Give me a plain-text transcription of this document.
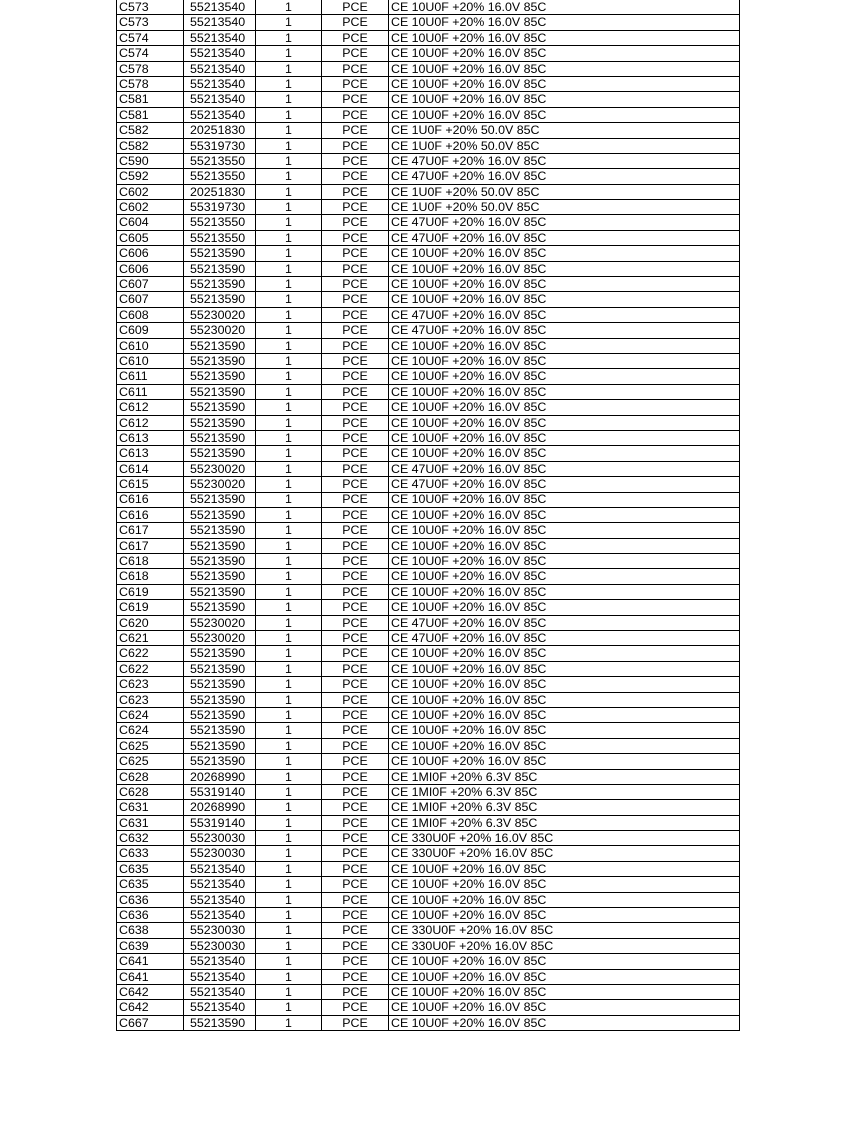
C573	55213540	1	PCE	CE 10U0F +20% 16.0V 85C
C573	55213540	1	PCE	CE 10U0F +20% 16.0V 85C
C574	55213540	1	PCE	CE 10U0F +20% 16.0V 85C
C574	55213540	1	PCE	CE 10U0F +20% 16.0V 85C
C578	55213540	1	PCE	CE 10U0F +20% 16.0V 85C
C578	55213540	1	PCE	CE 10U0F +20% 16.0V 85C
C581	55213540	1	PCE	CE 10U0F +20% 16.0V 85C
C581	55213540	1	PCE	CE 10U0F +20% 16.0V 85C
C582	20251830	1	PCE	CE 1U0F +20% 50.0V 85C
C582	55319730	1	PCE	CE 1U0F +20% 50.0V 85C
C590	55213550	1	PCE	CE 47U0F +20% 16.0V 85C
C592	55213550	1	PCE	CE 47U0F +20% 16.0V 85C
C602	20251830	1	PCE	CE 1U0F +20% 50.0V 85C
C602	55319730	1	PCE	CE 1U0F +20% 50.0V 85C
C604	55213550	1	PCE	CE 47U0F +20% 16.0V 85C
C605	55213550	1	PCE	CE 47U0F +20% 16.0V 85C
C606	55213590	1	PCE	CE 10U0F +20% 16.0V 85C
C606	55213590	1	PCE	CE 10U0F +20% 16.0V 85C
C607	55213590	1	PCE	CE 10U0F +20% 16.0V 85C
C607	55213590	1	PCE	CE 10U0F +20% 16.0V 85C
C608	55230020	1	PCE	CE 47U0F +20% 16.0V 85C
C609	55230020	1	PCE	CE 47U0F +20% 16.0V 85C
C610	55213590	1	PCE	CE 10U0F +20% 16.0V 85C
C610	55213590	1	PCE	CE 10U0F +20% 16.0V 85C
C611	55213590	1	PCE	CE 10U0F +20% 16.0V 85C
C611	55213590	1	PCE	CE 10U0F +20% 16.0V 85C
C612	55213590	1	PCE	CE 10U0F +20% 16.0V 85C
C612	55213590	1	PCE	CE 10U0F +20% 16.0V 85C
C613	55213590	1	PCE	CE 10U0F +20% 16.0V 85C
C613	55213590	1	PCE	CE 10U0F +20% 16.0V 85C
C614	55230020	1	PCE	CE 47U0F +20% 16.0V 85C
C615	55230020	1	PCE	CE 47U0F +20% 16.0V 85C
C616	55213590	1	PCE	CE 10U0F +20% 16.0V 85C
C616	55213590	1	PCE	CE 10U0F +20% 16.0V 85C
C617	55213590	1	PCE	CE 10U0F +20% 16.0V 85C
C617	55213590	1	PCE	CE 10U0F +20% 16.0V 85C
C618	55213590	1	PCE	CE 10U0F +20% 16.0V 85C
C618	55213590	1	PCE	CE 10U0F +20% 16.0V 85C
C619	55213590	1	PCE	CE 10U0F +20% 16.0V 85C
C619	55213590	1	PCE	CE 10U0F +20% 16.0V 85C
C620	55230020	1	PCE	CE 47U0F +20% 16.0V 85C
C621	55230020	1	PCE	CE 47U0F +20% 16.0V 85C
C622	55213590	1	PCE	CE 10U0F +20% 16.0V 85C
C622	55213590	1	PCE	CE 10U0F +20% 16.0V 85C
C623	55213590	1	PCE	CE 10U0F +20% 16.0V 85C
C623	55213590	1	PCE	CE 10U0F +20% 16.0V 85C
C624	55213590	1	PCE	CE 10U0F +20% 16.0V 85C
C624	55213590	1	PCE	CE 10U0F +20% 16.0V 85C
C625	55213590	1	PCE	CE 10U0F +20% 16.0V 85C
C625	55213590	1	PCE	CE 10U0F +20% 16.0V 85C
C628	20268990	1	PCE	CE 1MI0F +20% 6.3V 85C
C628	55319140	1	PCE	CE 1MI0F +20% 6.3V 85C
C631	20268990	1	PCE	CE 1MI0F +20% 6.3V 85C
C631	55319140	1	PCE	CE 1MI0F +20% 6.3V 85C
C632	55230030	1	PCE	CE 330U0F +20% 16.0V 85C
C633	55230030	1	PCE	CE 330U0F +20% 16.0V 85C
C635	55213540	1	PCE	CE 10U0F +20% 16.0V 85C
C635	55213540	1	PCE	CE 10U0F +20% 16.0V 85C
C636	55213540	1	PCE	CE 10U0F +20% 16.0V 85C
C636	55213540	1	PCE	CE 10U0F +20% 16.0V 85C
C638	55230030	1	PCE	CE 330U0F +20% 16.0V 85C
C639	55230030	1	PCE	CE 330U0F +20% 16.0V 85C
C641	55213540	1	PCE	CE 10U0F +20% 16.0V 85C
C641	55213540	1	PCE	CE 10U0F +20% 16.0V 85C
C642	55213540	1	PCE	CE 10U0F +20% 16.0V 85C
C642	55213540	1	PCE	CE 10U0F +20% 16.0V 85C
C667	55213590	1	PCE	CE 10U0F +20% 16.0V 85C
